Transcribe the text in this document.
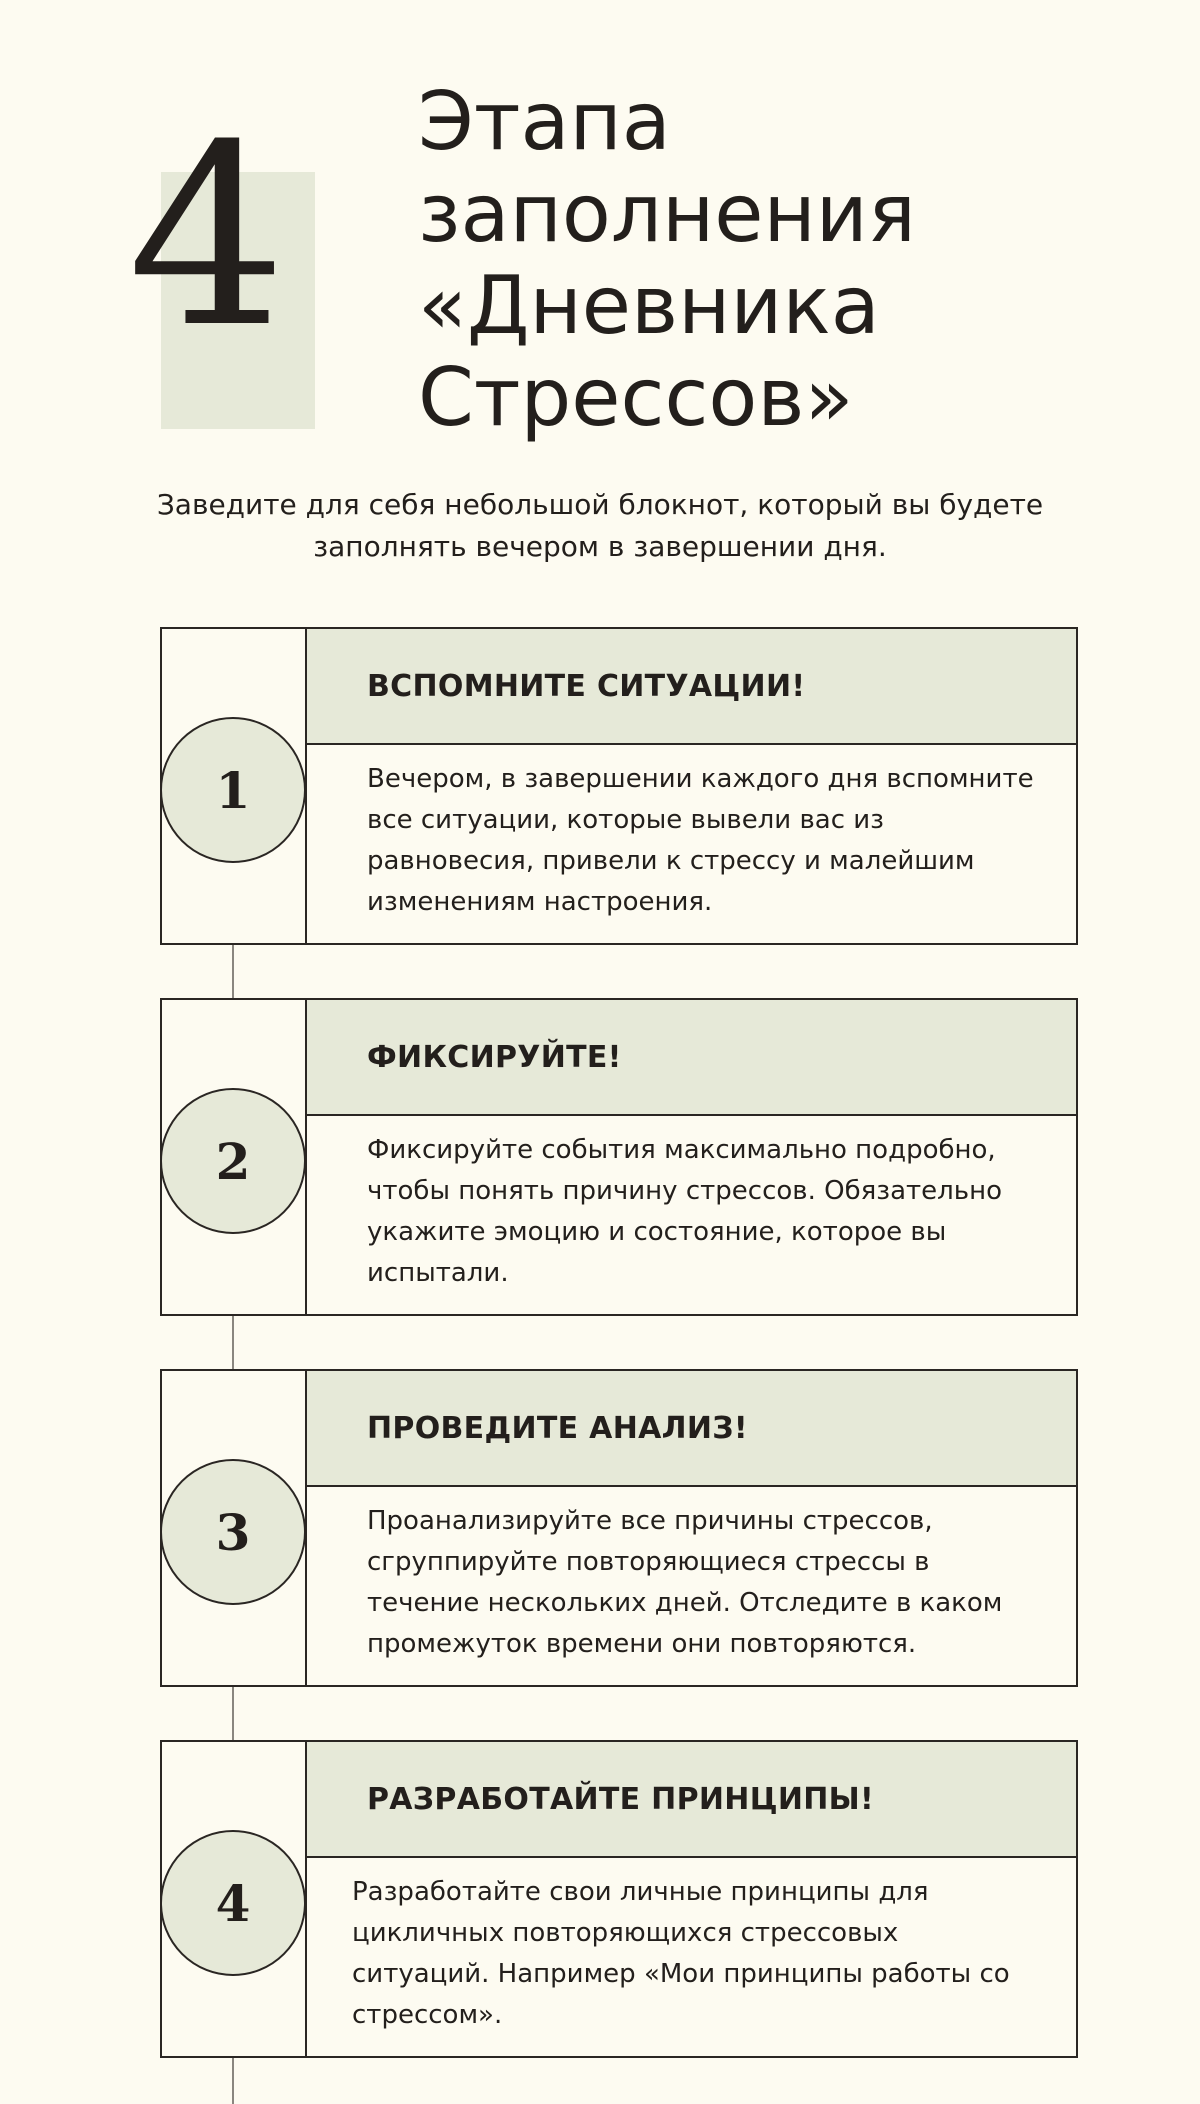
4 Этапа
заполнения
«Дневника
Стрессов»

Заведите для себя небольшой блокнот, который вы будете
заполнять вечером в завершении дня.

ВСПОМНИТЕ СИТУАЦИИ!

Вечером, в завершении каждого дня вспомните
все ситуации, которые вывели вас из
равновесия, привели к стрессу и малейшим
изменениям настроения.

1
ФИКСИРУЙТЕ!

Фиксируйте события максимально подробно,
чтобы понять причину стрессов. Обязательно
укажите эмоцию и состояние, которое вы
испытали.

2
ПРОВЕДИТЕ АНАЛИЗ!

Проанализируйте все причины стрессов,
сгруппируйте повторяющиеся стрессы в
течение нескольких дней. Отследите в каком
промежуток времени они повторяются.

3
РАЗРАБОТАЙТЕ ПРИНЦИПЫ!

Разработайте свои личные принципы для
цикличных повторяющихся стрессовых
ситуаций. Например «Мои принципы работы со
стрессом».

4
